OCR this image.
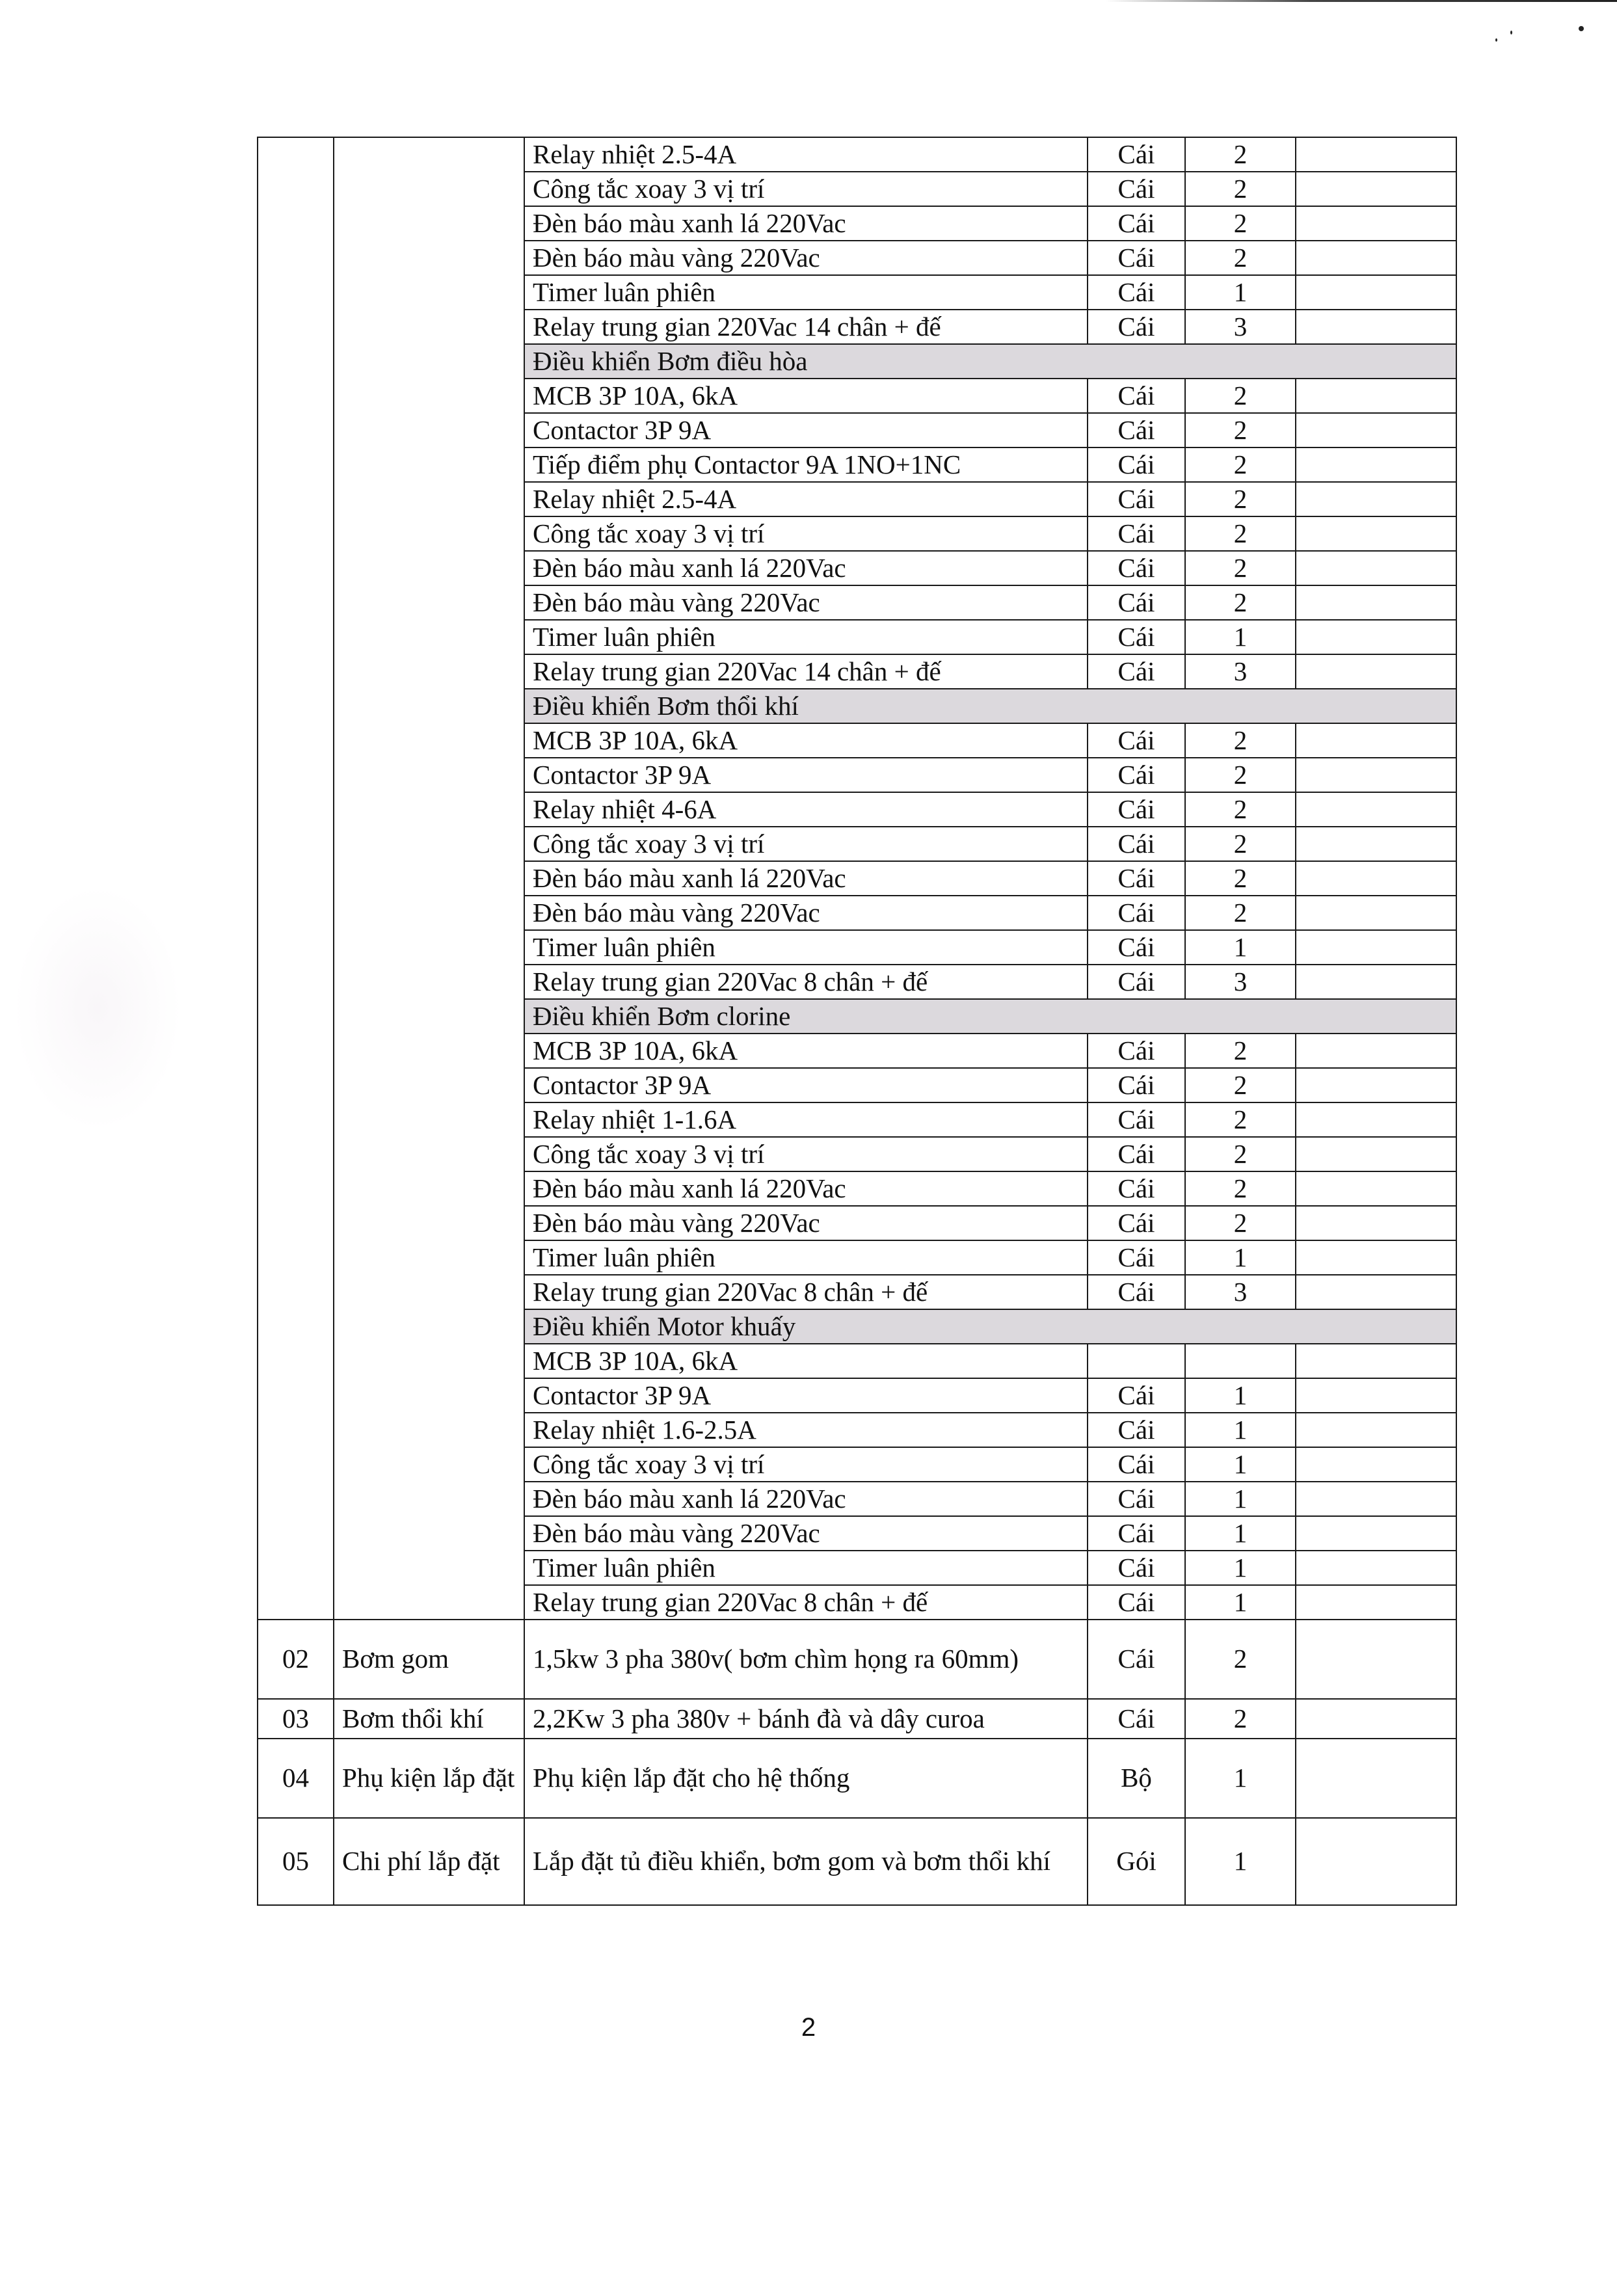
		Relay nhiệt 2.5-4A	Cái	2	
		Công tắc xoay 3 vị trí	Cái	2	
		Đèn báo màu xanh lá 220Vac	Cái	2	
		Đèn báo màu vàng 220Vac	Cái	2	
		Timer luân phiên	Cái	1	
		Relay trung gian 220Vac 14 chân + đế	Cái	3	
		Điều khiển Bơm điều hòa			
		MCB 3P 10A, 6kA	Cái	2	
		Contactor 3P 9A	Cái	2	
		Tiếp điểm phụ Contactor 9A 1NO+1NC	Cái	2	
		Relay nhiệt 2.5-4A	Cái	2	
		Công tắc xoay 3 vị trí	Cái	2	
		Đèn báo màu xanh lá 220Vac	Cái	2	
		Đèn báo màu vàng 220Vac	Cái	2	
		Timer luân phiên	Cái	1	
		Relay trung gian 220Vac 14 chân + đế	Cái	3	
		Điều khiển Bơm thổi khí			
		MCB 3P 10A, 6kA	Cái	2	
		Contactor 3P 9A	Cái	2	
		Relay nhiệt 4-6A	Cái	2	
		Công tắc xoay 3 vị trí	Cái	2	
		Đèn báo màu xanh lá 220Vac	Cái	2	
		Đèn báo màu vàng 220Vac	Cái	2	
		Timer luân phiên	Cái	1	
		Relay trung gian 220Vac 8 chân + đế	Cái	3	
		Điều khiển Bơm clorine			
		MCB 3P 10A, 6kA	Cái	2	
		Contactor 3P 9A	Cái	2	
		Relay nhiệt 1-1.6A	Cái	2	
		Công tắc xoay 3 vị trí	Cái	2	
		Đèn báo màu xanh lá 220Vac	Cái	2	
		Đèn báo màu vàng 220Vac	Cái	2	
		Timer luân phiên	Cái	1	
		Relay trung gian 220Vac 8 chân + đế	Cái	3	
		Điều khiển Motor khuấy			
		MCB 3P 10A, 6kA			
		Contactor 3P 9A	Cái	1	
		Relay nhiệt 1.6-2.5A	Cái	1	
		Công tắc xoay 3 vị trí	Cái	1	
		Đèn báo màu xanh lá 220Vac	Cái	1	
		Đèn báo màu vàng 220Vac	Cái	1	
		Timer luân phiên	Cái	1	
		Relay trung gian 220Vac 8 chân + đế	Cái	1	
02	Bơm gom	1,5kw 3 pha 380v( bơm chìm họng ra 60mm)	Cái	2	
03	Bơm thổi khí	2,2Kw 3 pha 380v + bánh đà và dây curoa	Cái	2	
04	Phụ kiện lắp đặt	Phụ kiện lắp đặt cho hệ thống	Bộ	1	
05	Chi phí lắp đặt	Lắp đặt tủ điều khiển, bơm gom và bơm thổi khí	Gói	1	
2
